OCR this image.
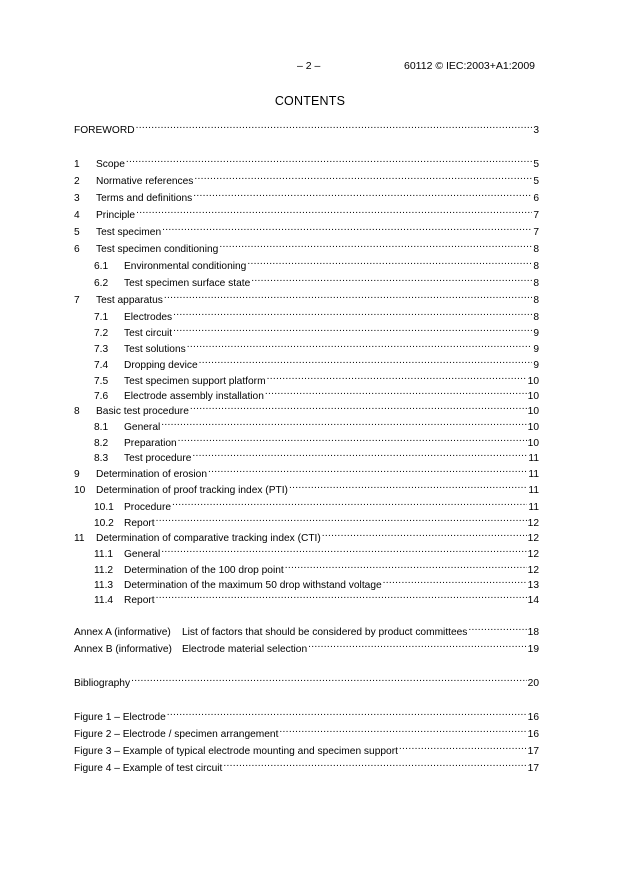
– 2 –	60112 © IEC:2003+A1:2009
CONTENTS
FOREWORD .....	3
1	Scope .....	5
2	Normative references .....	5
3	Terms and definitions .....	6
4	Principle .....	7
5	Test specimen .....	7
6	Test specimen conditioning .....	8
6.1	Environmental conditioning .....	8
6.2	Test specimen surface state .....	8
7	Test apparatus .....	8
7.1	Electrodes .....	8
7.2	Test circuit .....	9
7.3	Test solutions .....	9
7.4	Dropping device .....	9
7.5	Test specimen support platform .....	10
7.6	Electrode assembly installation .....	10
8	Basic test procedure .....	10
8.1	General .....	10
8.2	Preparation .....	10
8.3	Test procedure .....	11
9	Determination of erosion .....	11
10	Determination of proof tracking index (PTI) .....	11
10.1 Procedure .....	11
10.2 Report .....	12
11	Determination of comparative tracking index (CTI) .....	12
11.1	General .....	12
11.2	Determination of the 100 drop point .....	12
11.3	Determination of the maximum 50 drop withstand voltage .....	13
11.4	Report .....	14
Annex A (informative)	List of factors that should be considered by product committees .....	18
Annex B (informative) Electrode material selection .....	19
Bibliography .....	20
Figure 1 – Electrode .....	16
Figure 2 – Electrode / specimen arrangement .....	16
Figure 3 – Example of typical electrode mounting and specimen support .....	17
Figure 4 – Example of test circuit .....	17
